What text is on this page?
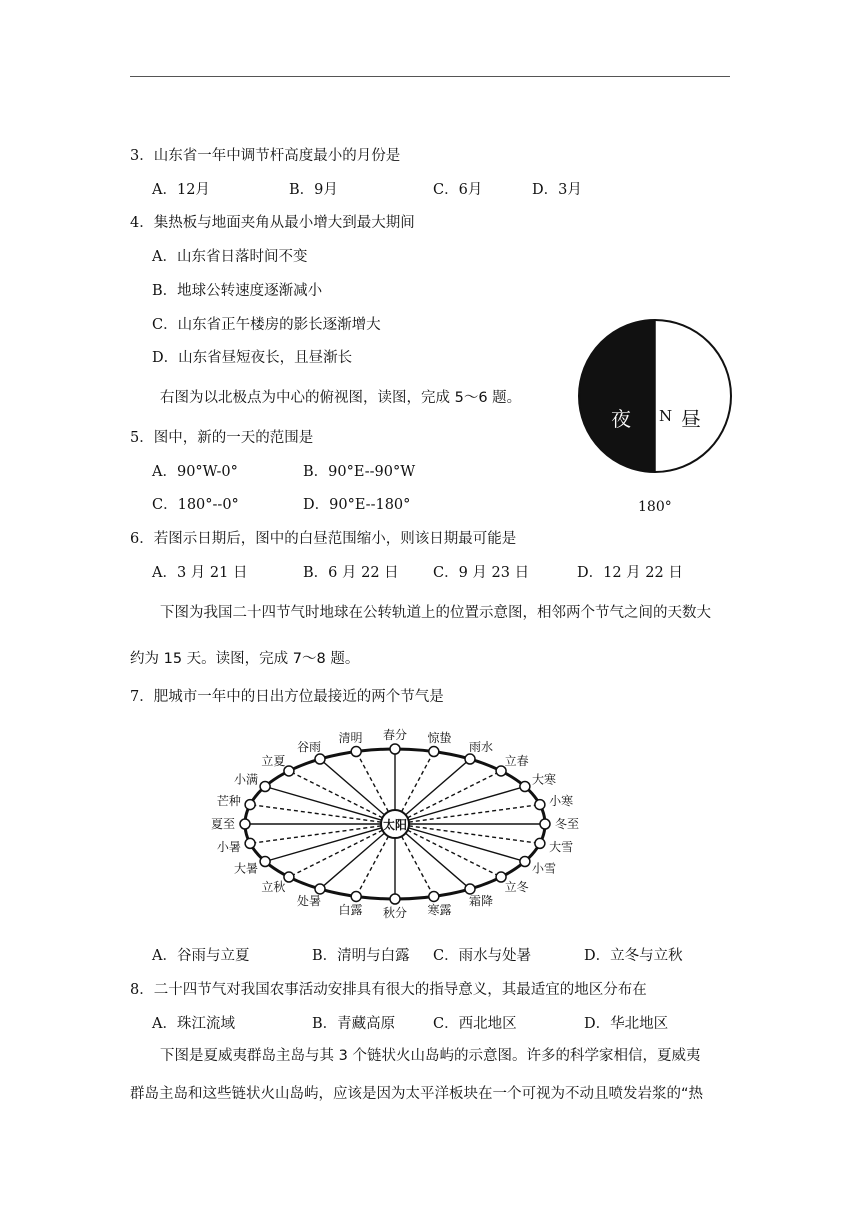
3．山东省一年中调节杆高度最小的月份是
A．12月	B．9月	C．6月	D．3月
4．集热板与地面夹角从最小增大到最大期间
A．山东省日落时间不变
B．地球公转速度逐渐减小
C．山东省正午楼房的影长逐渐增大
D．山东省昼短夜长，且昼渐长
右图为以北极点为中心的俯视图，读图，完成 5～6 题。
夜 N 昼
180°
5．图中，新的一天的范围是
A．90°W-0°	B．90°E--90°W
C．180°--0°	D．90°E--180°
6．若图示日期后，图中的白昼范围缩小，则该日期最可能是
A．3 月 21 日	B．6 月 22 日 C．9 月 23 日	D．12 月 22 日
下图为我国二十四节气时地球在公转轨道上的位置示意图，相邻两个节气之间的天数大
约为 15 天。读图，完成 7～8 题。
7．肥城市一年中的日出方位最接近的两个节气是
春分 惊蛰
雨水
立春
大寒
小寒
冬至
大雪
小雪
立冬
霜降
寒露
秋分
白露
处暑
立秋
大暑
小暑
夏至
芒种
小满
立夏
谷雨
清明
太阳
A．谷雨与立夏	B．清明与白露 C．雨水与处暑	D．立冬与立秋
8．二十四节气对我国农事活动安排具有很大的指导意义，其最适宜的地区分布在
A．珠江流域	B．青藏高原	C．西北地区	D．华北地区
下图是夏威夷群岛主岛与其 3 个链状火山岛屿的示意图。许多的科学家相信，夏威夷
群岛主岛和这些链状火山岛屿，应该是因为太平洋板块在一个可视为不动且喷发岩浆的“热
